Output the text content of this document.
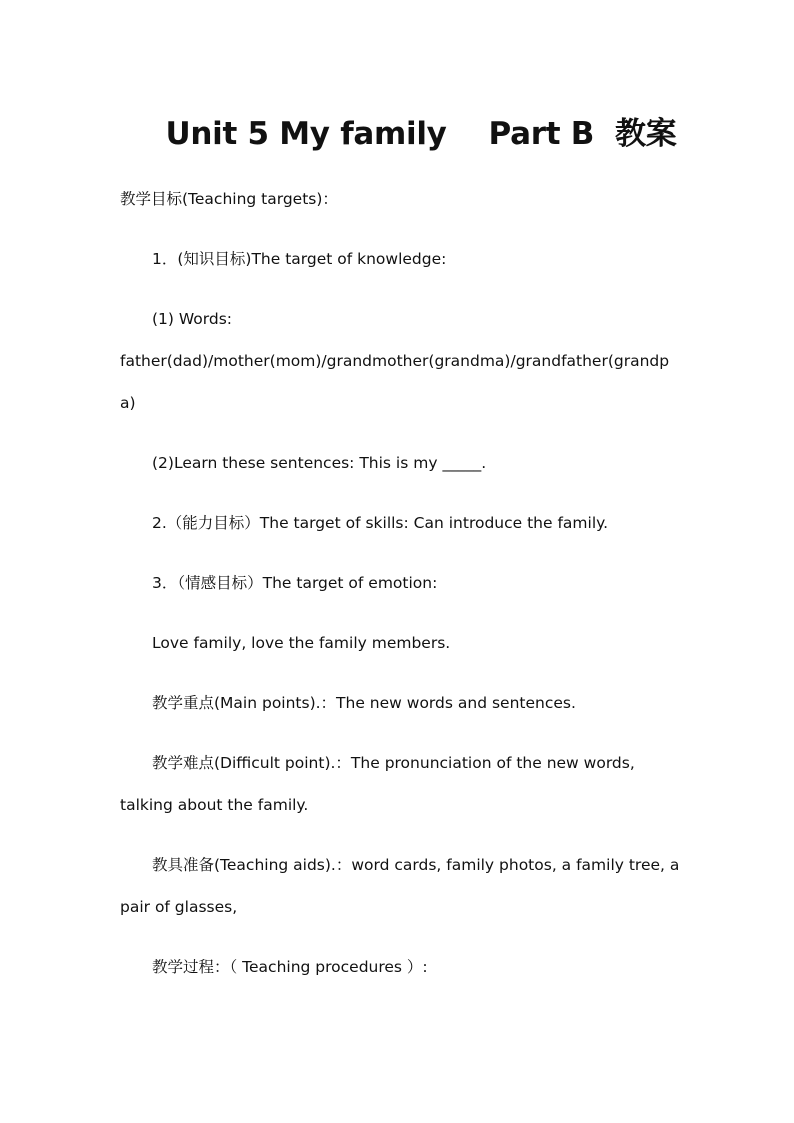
Unit 5 My family    Part B  教案

教学目标(Teaching targets)：

1．(知识目标)The target of knowledge:

(1) Words:

father(dad)/mother(mom)/grandmother(grandma)/grandfather(grandp

a)

(2)Learn these sentences: This is my _____.

2.（能力目标）The target of skills: Can introduce the family.

3．（情感目标）The target of emotion:

Love family, love the family members.

教学重点(Main points).：The new words and sentences.

教学难点(Difficult point).：The pronunciation of the new words,

talking about the family.

教具准备(Teaching aids).：word cards, family photos, a family tree, a

pair of glasses,

教学过程：（ Teaching procedures ）:
